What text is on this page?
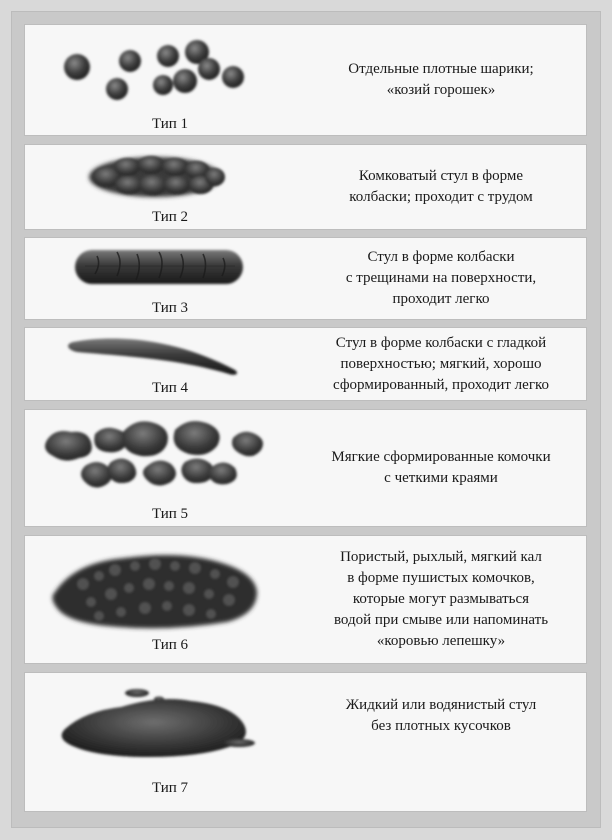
Тип 1
Отдельные плотные шарики;
«козий горошек»
Тип 2
Комковатый стул в форме
колбаски; проходит с трудом
Тип 3
Стул в форме колбаски
с трещинами на поверхности,
проходит легко
Тип 4
Стул в форме колбаски с гладкой
поверхностью; мягкий, хорошо
сформированный, проходит легко
Тип 5
Мягкие сформированные комочки
с четкими краями
Тип 6
Пористый, рыхлый, мягкий кал
в форме пушистых комочков,
которые могут размываться
водой при смыве или напоминать
«коровью лепешку»
Тип 7
Жидкий или водянистый стул
без плотных кусочков
